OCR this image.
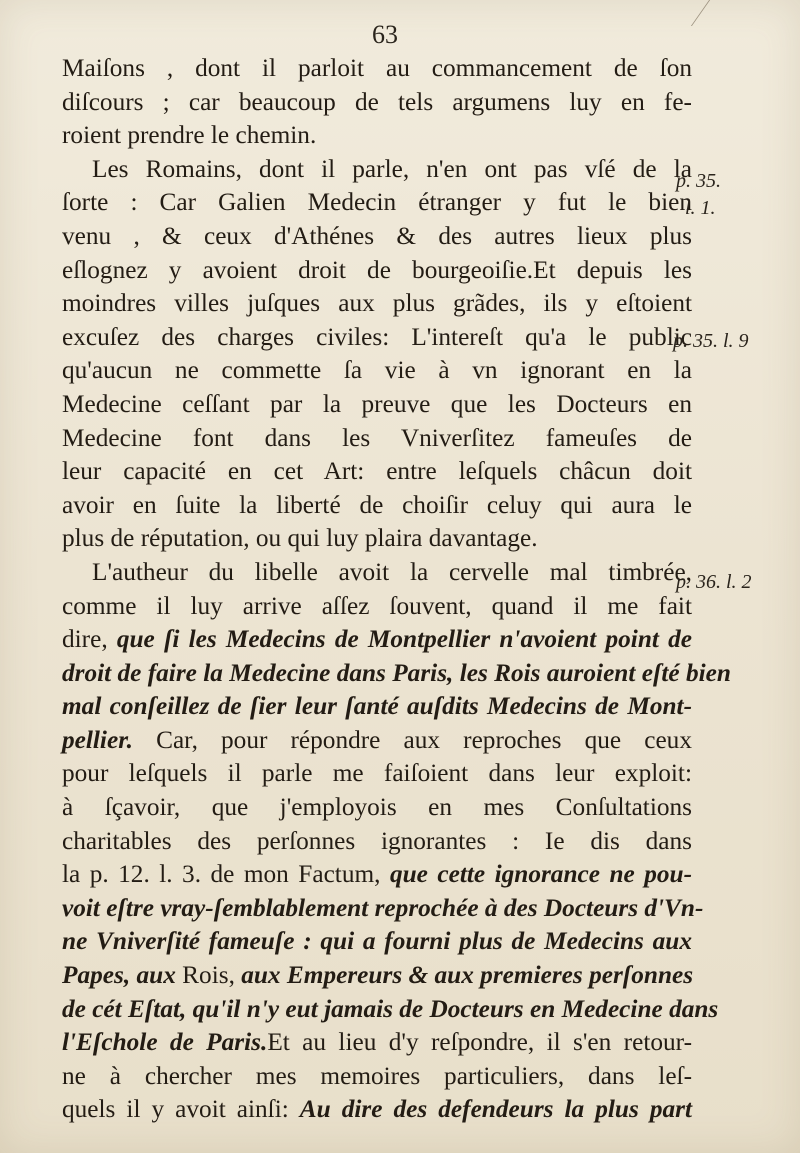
63
Maiſons , dont il parloit au commancement de ſon
diſcours ; car beaucoup de tels argumens luy en fe-
roient prendre le chemin.
Les Romains, dont il parle, n'en ont pas vſé de la
ſorte : Car Galien Medecin étranger y fut le bien
venu , & ceux d'Athénes & des autres lieux plus
eſlognez y avoient droit de bourgeoiſie.Et depuis les
moindres villes juſques aux plus grãdes, ils y eſtoient
excuſez des charges civiles: L'intereſt qu'a le public
qu'aucun ne commette ſa vie à vn ignorant en la
Medecine ceſſant par la preuve que les Docteurs en
Medecine font dans les Vniverſitez fameuſes de
leur capacité en cet Art: entre leſquels châcun doit
avoir en ſuite la liberté de choiſir celuy qui aura le
plus de réputation, ou qui luy plaira davantage.
L'autheur du libelle avoit la cervelle mal timbrée,
comme il luy arrive aſſez ſouvent, quand il me fait
dire, que ſi les Medecins de Montpellier n'avoient point de
droit de faire la Medecine dans Paris, les Rois auroient eſté bien
mal conſeillez de ſier leur ſanté auſdits Medecins de Mont-
pellier. Car, pour répondre aux reproches que ceux
pour leſquels il parle me faiſoient dans leur exploit:
à ſçavoir, que j'employois en mes Conſultations
charitables des perſonnes ignorantes : Ie dis dans
la p. 12. l. 3. de mon Factum, que cette ignorance ne pou-
voit eſtre vray-ſemblablement reprochée à des Docteurs d'Vn-
ne Vniverſité fameuſe : qui a fourni plus de Medecins aux
Papes, aux Rois, aux Empereurs & aux premieres perſonnes
de cét Eſtat, qu'il n'y eut jamais de Docteurs en Medecine dans
l'Eſchole de Paris.Et au lieu d'y reſpondre, il s'en retour-
ne à chercher mes memoires particuliers, dans leſ-
quels il y avoit ainſi: Au dire des defendeurs la plus part
p. 35.
l. 1.
p. 35. l. 9
p. 36. l. 2
